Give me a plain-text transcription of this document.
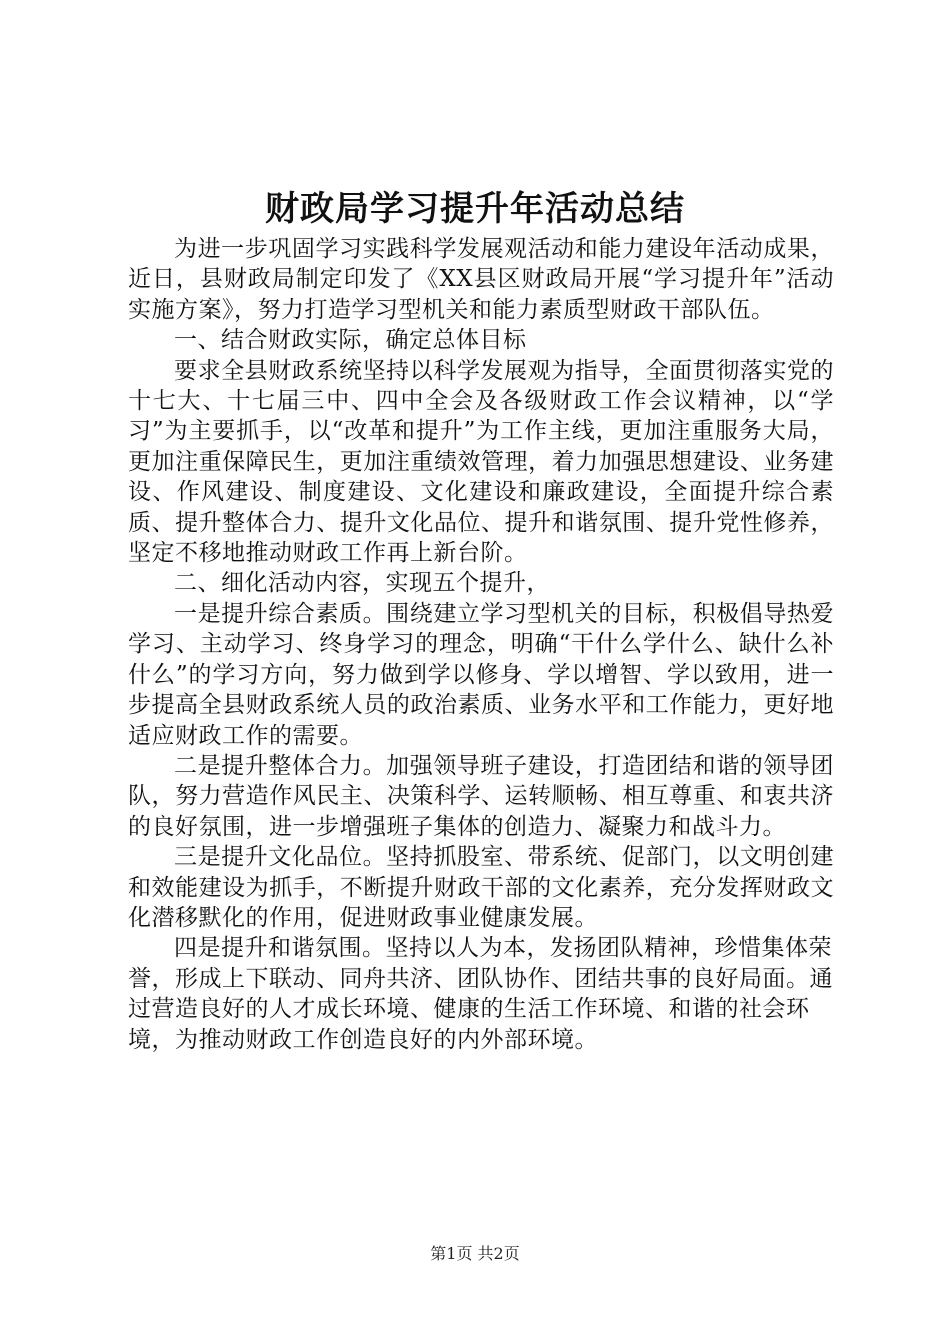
财政局学习提升年活动总结

为进一步巩固学习实践科学发展观活动和能力建设年活动成果，近日，县财政局制定印发了《XX县区财政局开展“学习提升年”活动实施方案》，努力打造学习型机关和能力素质型财政干部队伍。

一、结合财政实际，确定总体目标

要求全县财政系统坚持以科学发展观为指导，全面贯彻落实党的十七大、十七届三中、四中全会及各级财政工作会议精神，以“学习”为主要抓手，以“改革和提升”为工作主线，更加注重服务大局，更加注重保障民生，更加注重绩效管理，着力加强思想建设、业务建设、作风建设、制度建设、文化建设和廉政建设，全面提升综合素质、提升整体合力、提升文化品位、提升和谐氛围、提升党性修养，坚定不移地推动财政工作再上新台阶。

二、细化活动内容，实现五个提升，

一是提升综合素质。围绕建立学习型机关的目标，积极倡导热爱学习、主动学习、终身学习的理念，明确“干什么学什么、缺什么补什么”的学习方向，努力做到学以修身、学以增智、学以致用，进一步提高全县财政系统人员的政治素质、业务水平和工作能力，更好地适应财政工作的需要。

二是提升整体合力。加强领导班子建设，打造团结和谐的领导团队，努力营造作风民主、决策科学、运转顺畅、相互尊重、和衷共济的良好氛围，进一步增强班子集体的创造力、凝聚力和战斗力。

三是提升文化品位。坚持抓股室、带系统、促部门，以文明创建和效能建设为抓手，不断提升财政干部的文化素养，充分发挥财政文化潜移默化的作用，促进财政事业健康发展。

四是提升和谐氛围。坚持以人为本，发扬团队精神，珍惜集体荣誉，形成上下联动、同舟共济、团队协作、团结共事的良好局面。通过营造良好的人才成长环境、健康的生活工作环境、和谐的社会环境，为推动财政工作创造良好的内外部环境。

第1页 共2页
